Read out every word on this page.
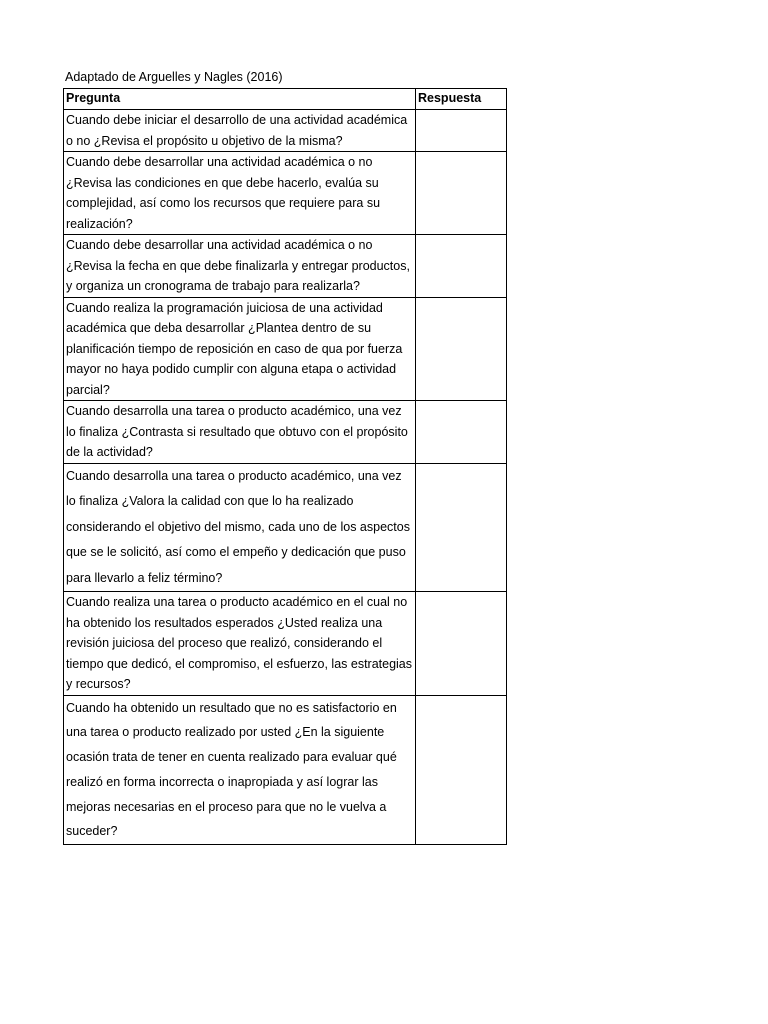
Adaptado de Arguelles y Nagles (2016)
Pregunta	Respuesta

Cuando debe iniciar el desarrollo de una actividad académica o no ¿Revisa el propósito u objetivo de la misma?	

Cuando debe desarrollar una actividad académica o no ¿Revisa las condiciones en que debe hacerlo, evalúa su complejidad, así como los recursos que requiere para su realización?	

Cuando debe desarrollar una actividad académica o no ¿Revisa la fecha en que debe finalizarla y entregar productos, y organiza un cronograma de trabajo para realizarla?	

Cuando realiza la programación juiciosa de una actividad académica que deba desarrollar ¿Plantea dentro de su planificación tiempo de reposición en caso de qua por fuerza mayor no haya podido cumplir con alguna etapa o actividad parcial?	

Cuando desarrolla una tarea o producto académico, una vez lo finaliza ¿Contrasta si resultado que obtuvo con el propósito de la actividad?	

Cuando desarrolla una tarea o producto académico, una vez lo finaliza ¿Valora la calidad con que lo ha realizado considerando el objetivo del mismo, cada uno de los aspectos que se le solicitó, así como el empeño y dedicación que puso para llevarlo a feliz término?	

Cuando realiza una tarea o producto académico en el cual no ha obtenido los resultados esperados ¿Usted realiza una revisión juiciosa del proceso que realizó, considerando el tiempo que dedicó, el compromiso, el esfuerzo, las estrategias y recursos?	

Cuando ha obtenido un resultado que no es satisfactorio en una tarea o producto realizado por usted ¿En la siguiente ocasión trata de tener en cuenta realizado para evaluar qué realizó en forma incorrecta o inapropiada y así lograr las mejoras necesarias en el proceso para que no le vuelva a suceder?	
